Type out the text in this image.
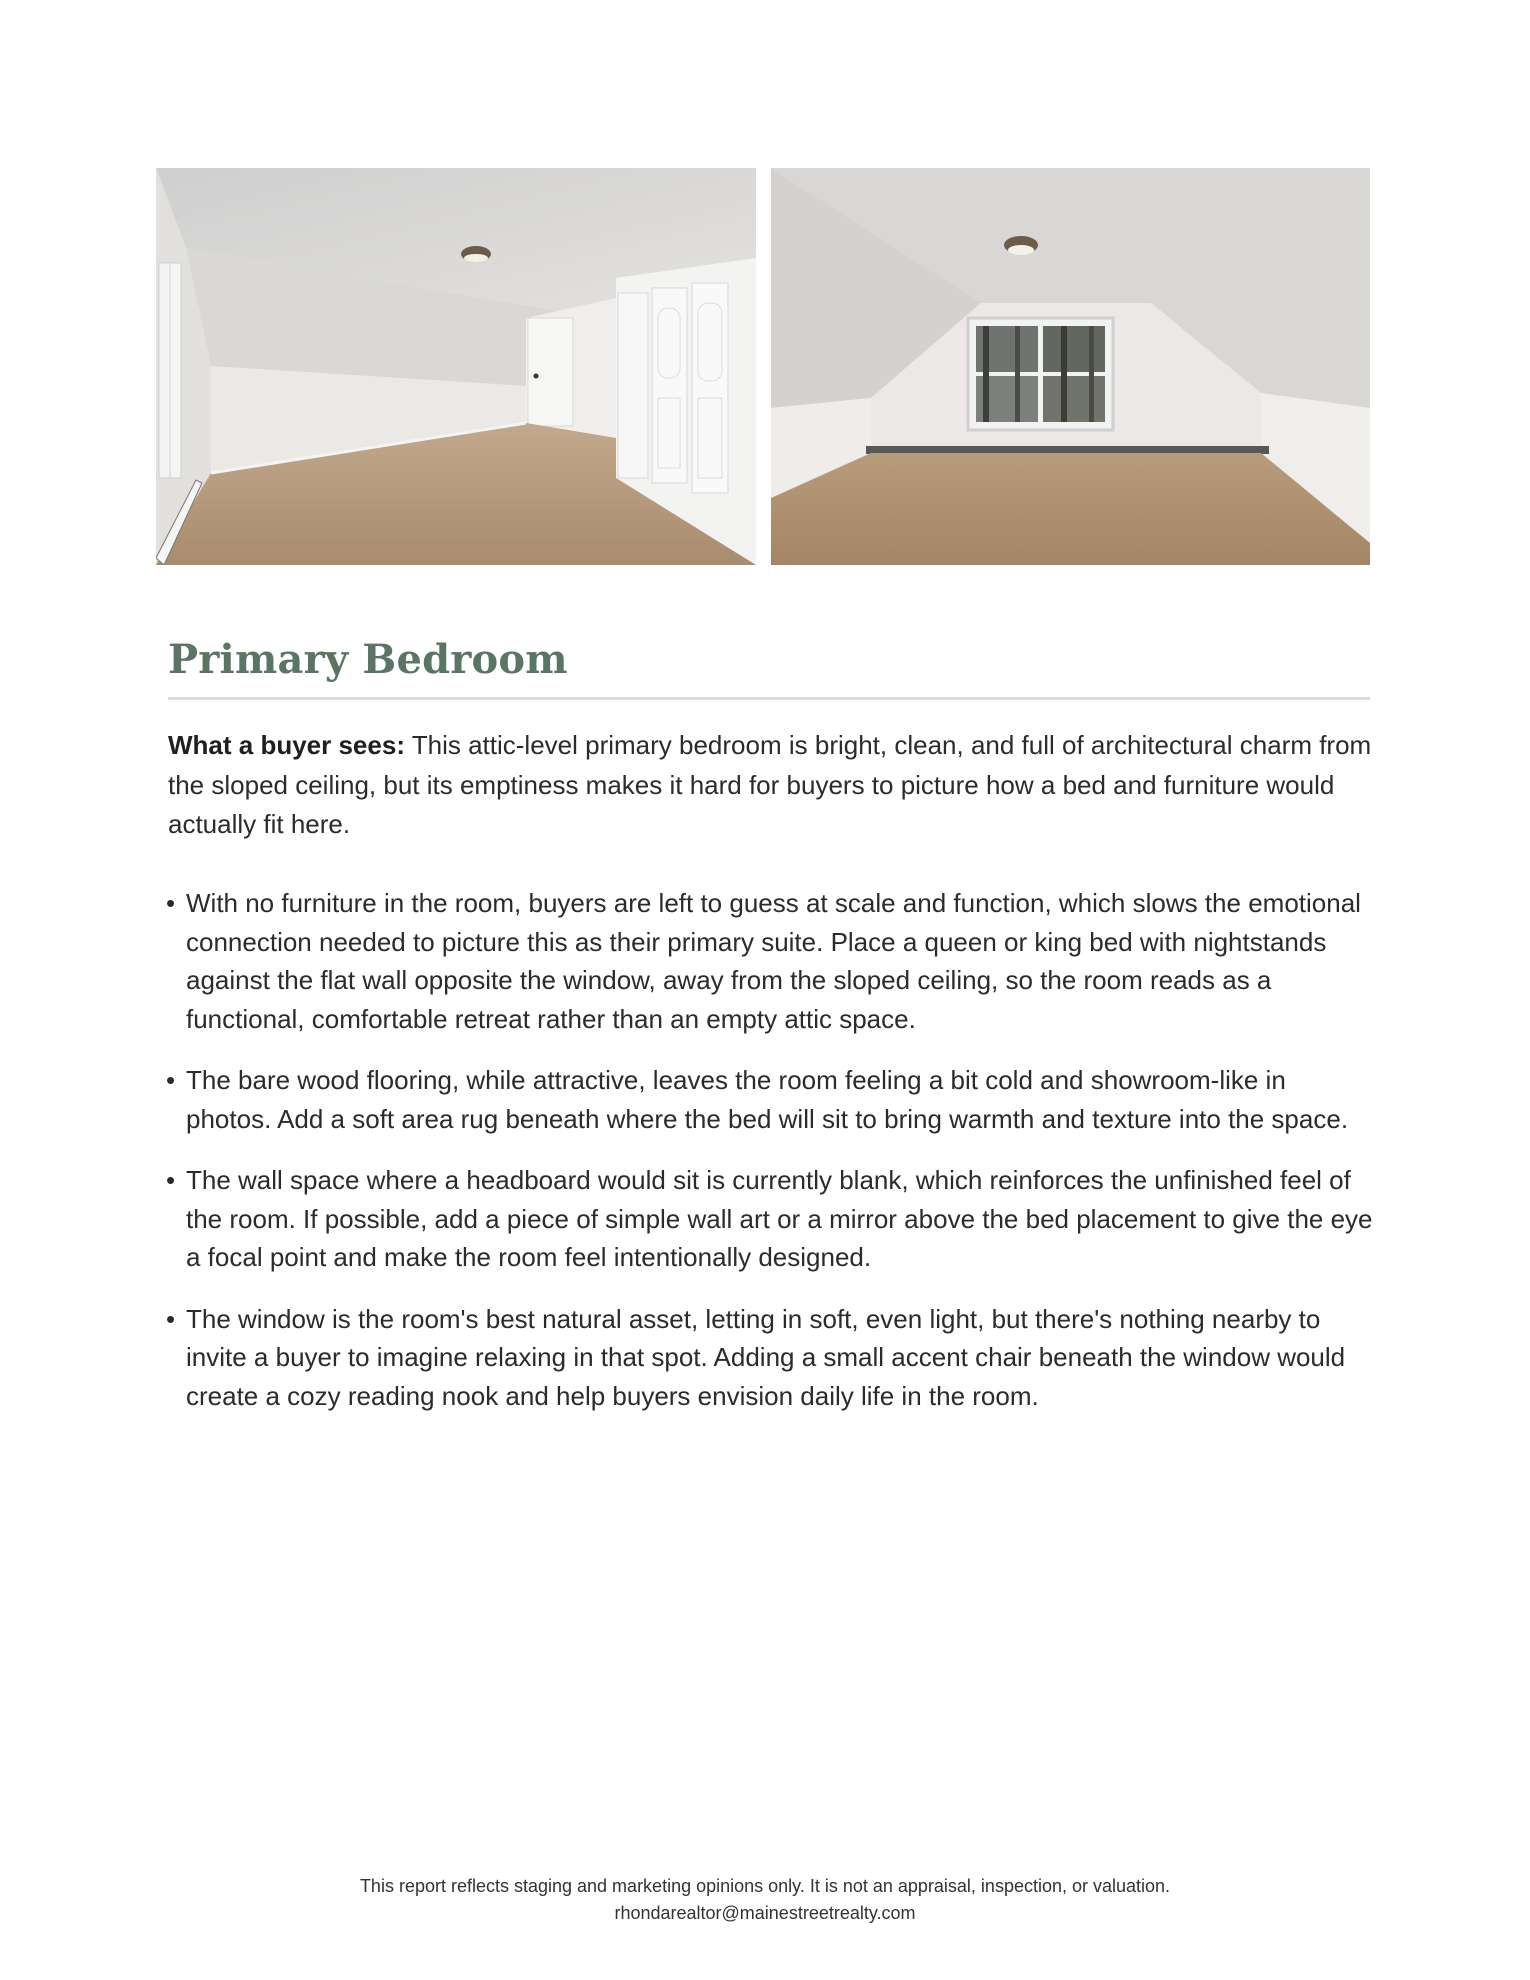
Primary Bedroom

What a buyer sees: This attic-level primary bedroom is bright, clean, and full of architectural charm from the sloped ceiling, but its emptiness makes it hard for buyers to picture how a bed and furniture would actually fit here.

• With no furniture in the room, buyers are left to guess at scale and function, which slows the emotional connection needed to picture this as their primary suite. Place a queen or king bed with nightstands against the flat wall opposite the window, away from the sloped ceiling, so the room reads as a functional, comfortable retreat rather than an empty attic space.
• The bare wood flooring, while attractive, leaves the room feeling a bit cold and showroom-like in photos. Add a soft area rug beneath where the bed will sit to bring warmth and texture into the space.
• The wall space where a headboard would sit is currently blank, which reinforces the unfinished feel of the room. If possible, add a piece of simple wall art or a mirror above the bed placement to give the eye a focal point and make the room feel intentionally designed.
• The window is the room's best natural asset, letting in soft, even light, but there's nothing nearby to invite a buyer to imagine relaxing in that spot. Adding a small accent chair beneath the window would create a cozy reading nook and help buyers envision daily life in the room.
This report reflects staging and marketing opinions only. It is not an appraisal, inspection, or valuation.
rhondarealtor@mainestreetrealty.com
